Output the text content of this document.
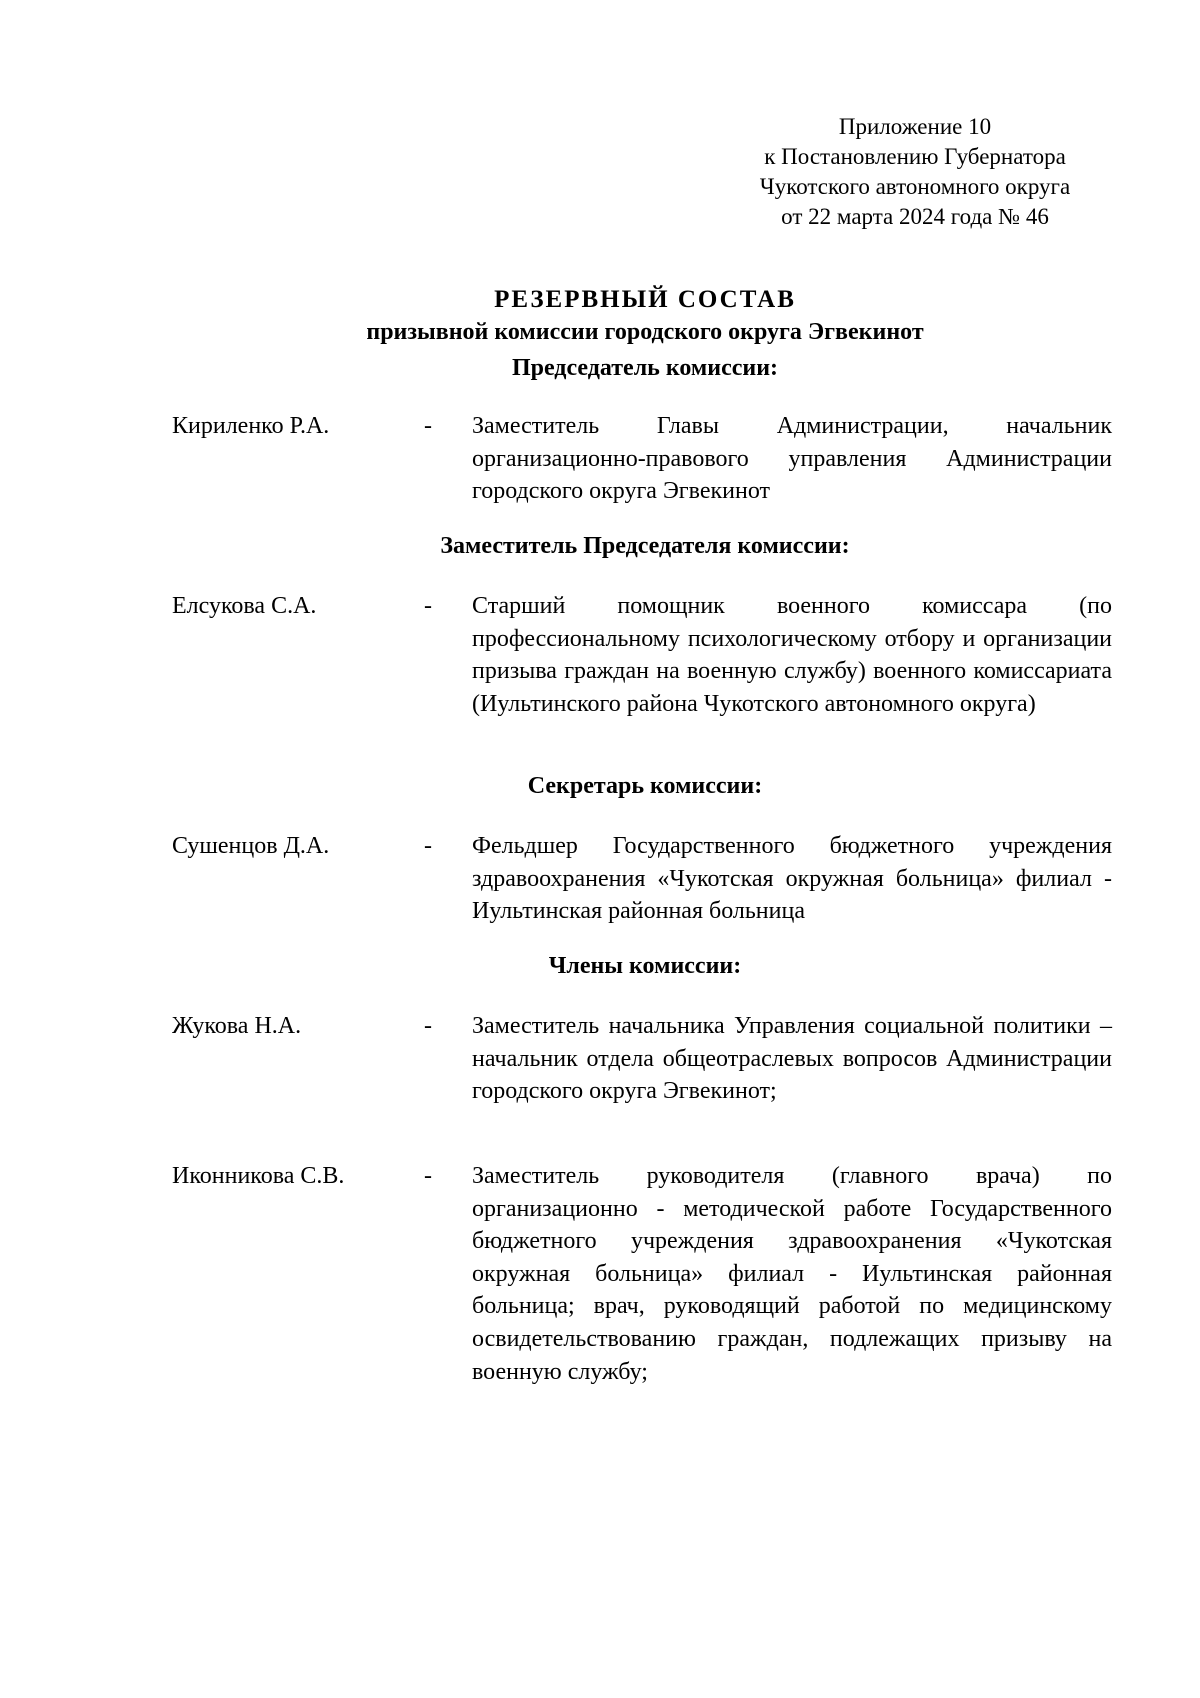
Приложение 10
к Постановлению Губернатора
Чукотского автономного округа
от 22 марта 2024 года № 46
РЕЗЕРВНЫЙ СОСТАВ
призывной комиссии городского округа Эгвекинот
Председатель комиссии:
Кириленко Р.А.	- Заместитель Главы Администрации, начальник организационно-правового управления Администрации городского округа Эгвекинот
Заместитель Председателя комиссии:
Елсукова С.А.	- Старший помощник военного комиссара (по профессиональному психологическому отбору и организации призыва граждан на военную службу) военного комиссариата (Иультинского района Чукотского автономного округа)
Секретарь комиссии:
Сушенцов Д.А.	- Фельдшер Государственного бюджетного учреждения здравоохранения «Чукотская окружная больница» филиал - Иультинская районная больница
Члены комиссии:
Жукова Н.А.	- Заместитель начальника Управления социальной политики – начальник отдела общеотраслевых вопросов Администрации городского округа Эгвекинот;
Иконникова С.В.	- Заместитель руководителя (главного врача) по организационно - методической работе Государственного бюджетного учреждения здравоохранения «Чукотская окружная больница» филиал - Иультинская районная больница; врач, руководящий работой по медицинскому освидетельствованию граждан, подлежащих призыву на военную службу;
